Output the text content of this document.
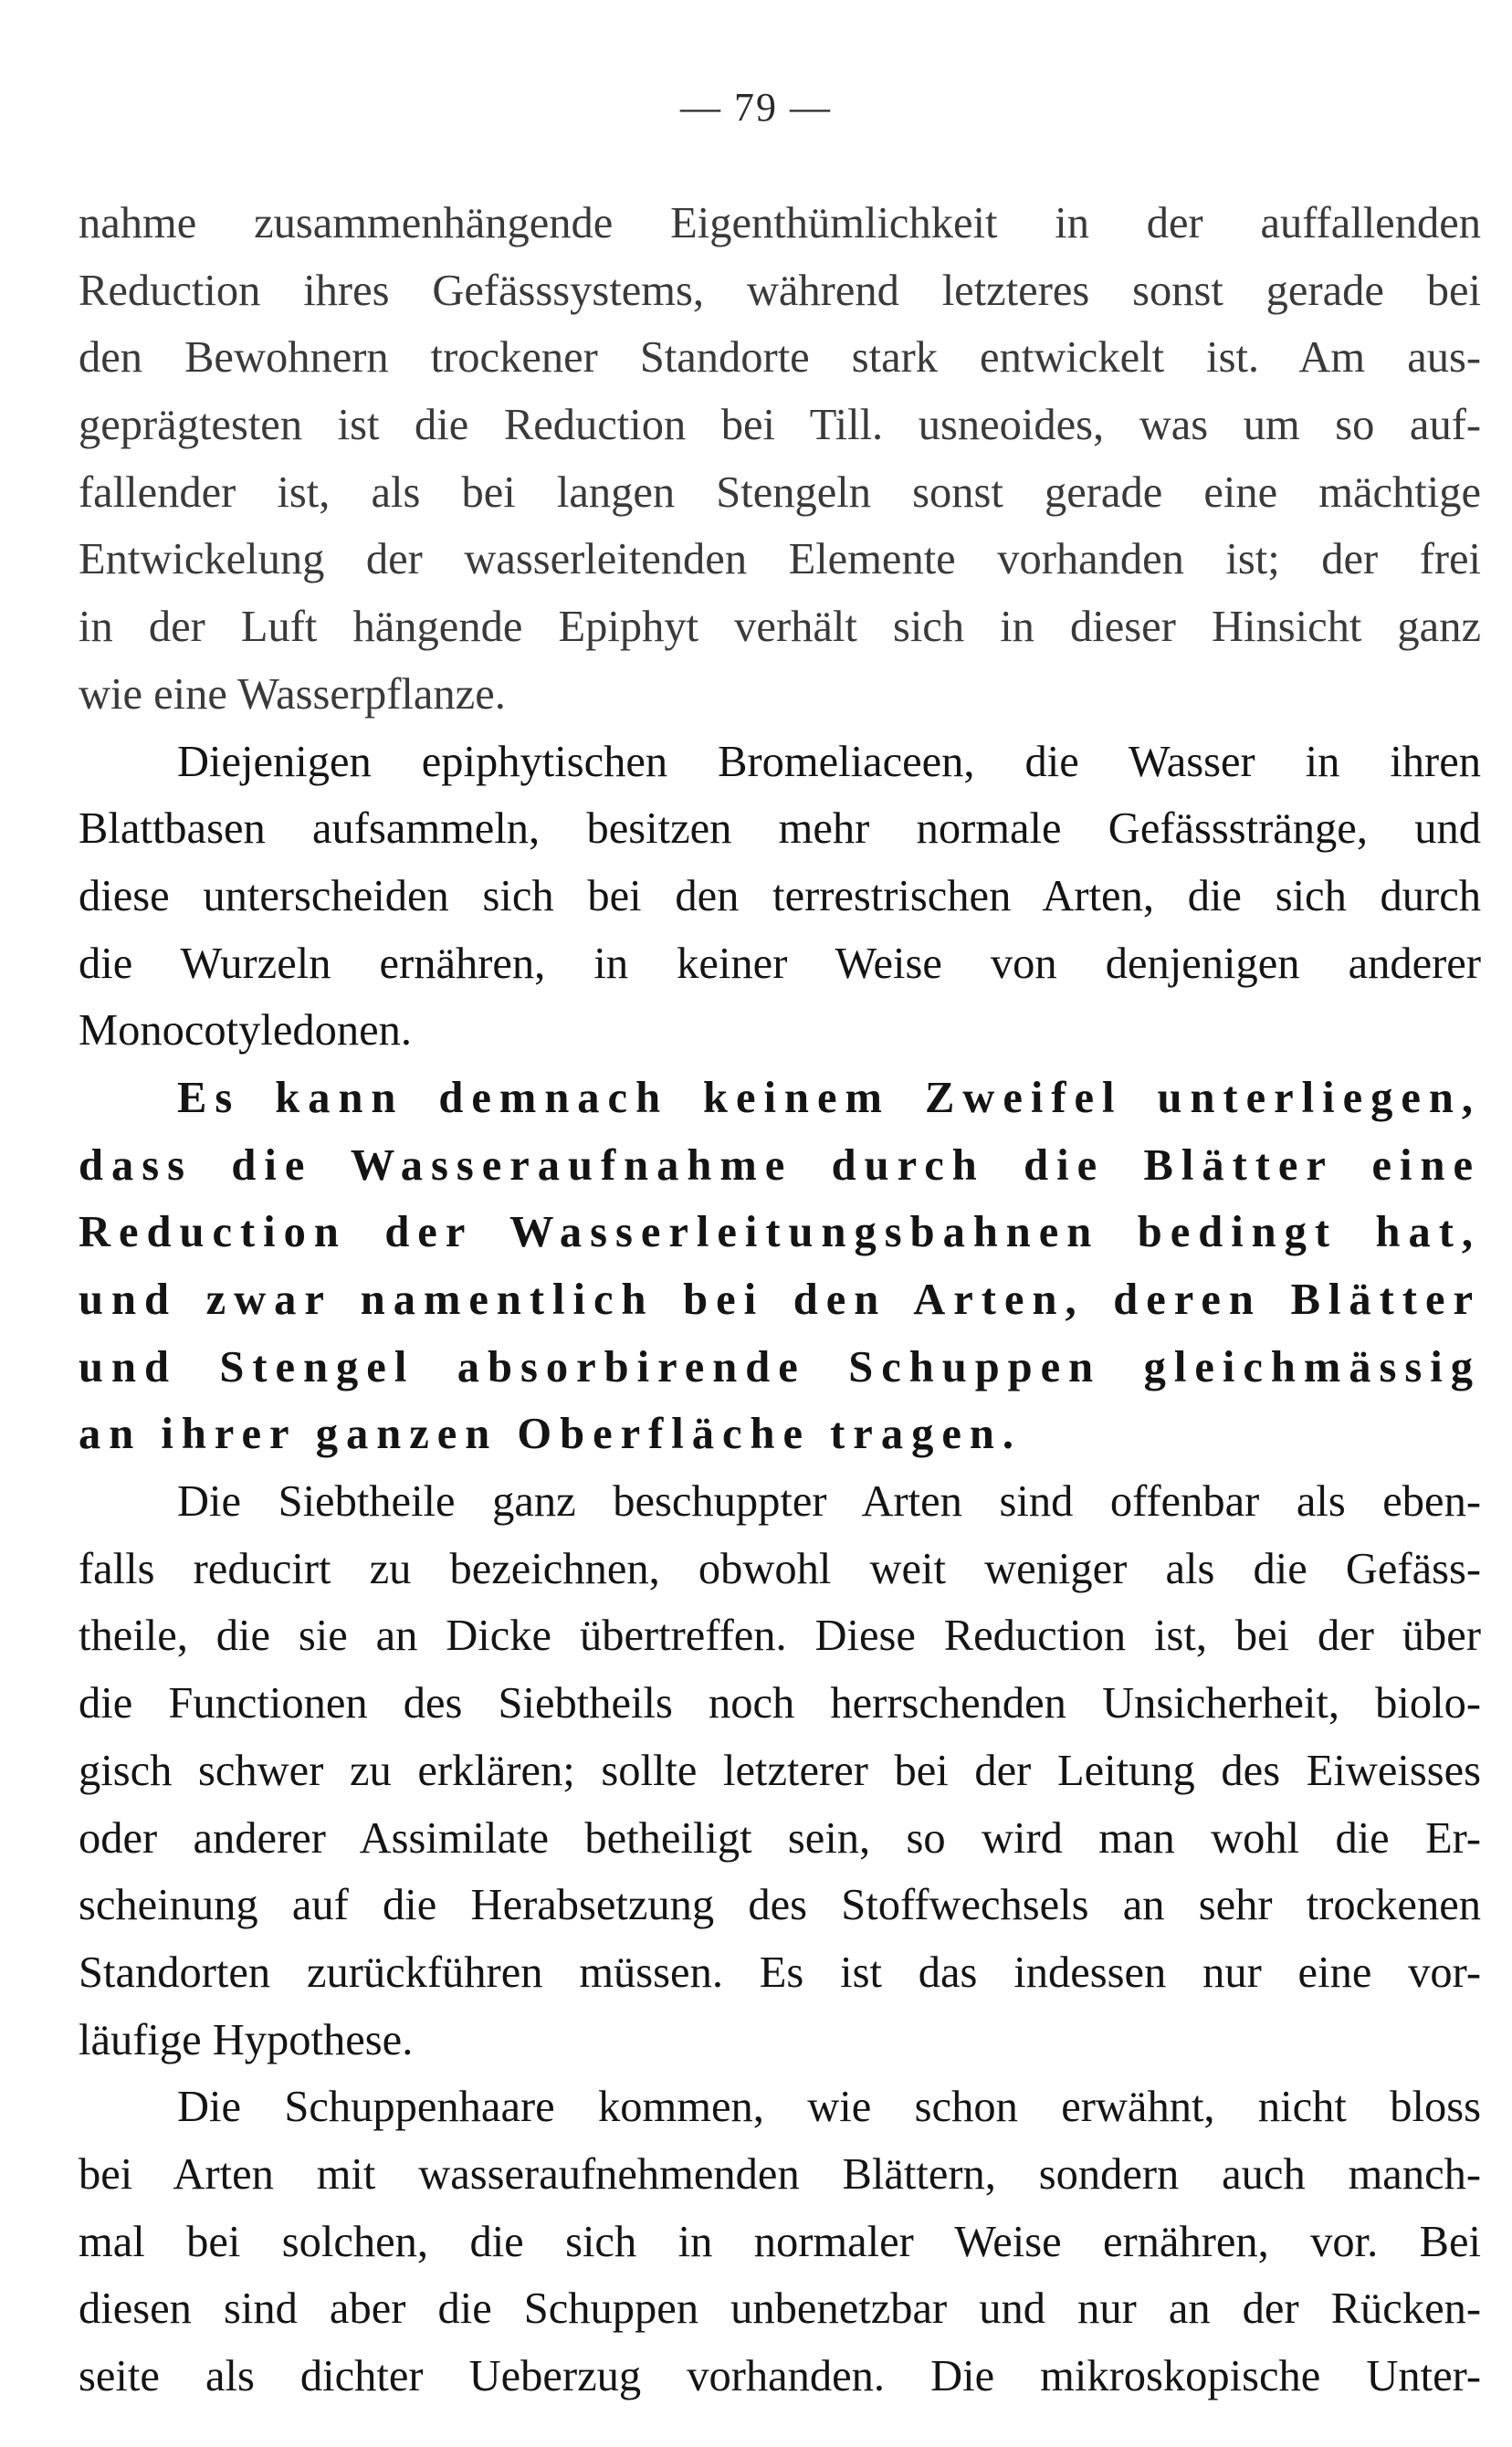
— 79 —
nahme zusammenhängende Eigenthümlichkeit in der auffallenden
Reduction ihres Gefässsystems, während letzteres sonst gerade bei
den Bewohnern trockener Standorte stark entwickelt ist. Am aus-
geprägtesten ist die Reduction bei Till. usneoides, was um so auf-
fallender ist, als bei langen Stengeln sonst gerade eine mächtige
Entwickelung der wasserleitenden Elemente vorhanden ist; der frei
in der Luft hängende Epiphyt verhält sich in dieser Hinsicht ganz
wie eine Wasserpflanze.
Diejenigen epiphytischen Bromeliaceen, die Wasser in ihren
Blattbasen aufsammeln, besitzen mehr normale Gefässstränge, und
diese unterscheiden sich bei den terrestrischen Arten, die sich durch
die Wurzeln ernähren, in keiner Weise von denjenigen anderer
Monocotyledonen.
Es kann demnach keinem Zweifel unterliegen,
dass die Wasseraufnahme durch die Blätter eine
Reduction der Wasserleitungsbahnen bedingt hat,
und zwar namentlich bei den Arten, deren Blätter
und Stengel absorbirende Schuppen gleichmässig
an ihrer ganzen Oberfläche tragen.
Die Siebtheile ganz beschuppter Arten sind offenbar als eben-
falls reducirt zu bezeichnen, obwohl weit weniger als die Gefäss-
theile, die sie an Dicke übertreffen. Diese Reduction ist, bei der über
die Functionen des Siebtheils noch herrschenden Unsicherheit, biolo-
gisch schwer zu erklären; sollte letzterer bei der Leitung des Eiweisses
oder anderer Assimilate betheiligt sein, so wird man wohl die Er-
scheinung auf die Herabsetzung des Stoffwechsels an sehr trockenen
Standorten zurückführen müssen. Es ist das indessen nur eine vor-
läufige Hypothese.
Die Schuppenhaare kommen, wie schon erwähnt, nicht bloss
bei Arten mit wasseraufnehmenden Blättern, sondern auch manch-
mal bei solchen, die sich in normaler Weise ernähren, vor. Bei
diesen sind aber die Schuppen unbenetzbar und nur an der Rücken-
seite als dichter Ueberzug vorhanden. Die mikroskopische Unter-
